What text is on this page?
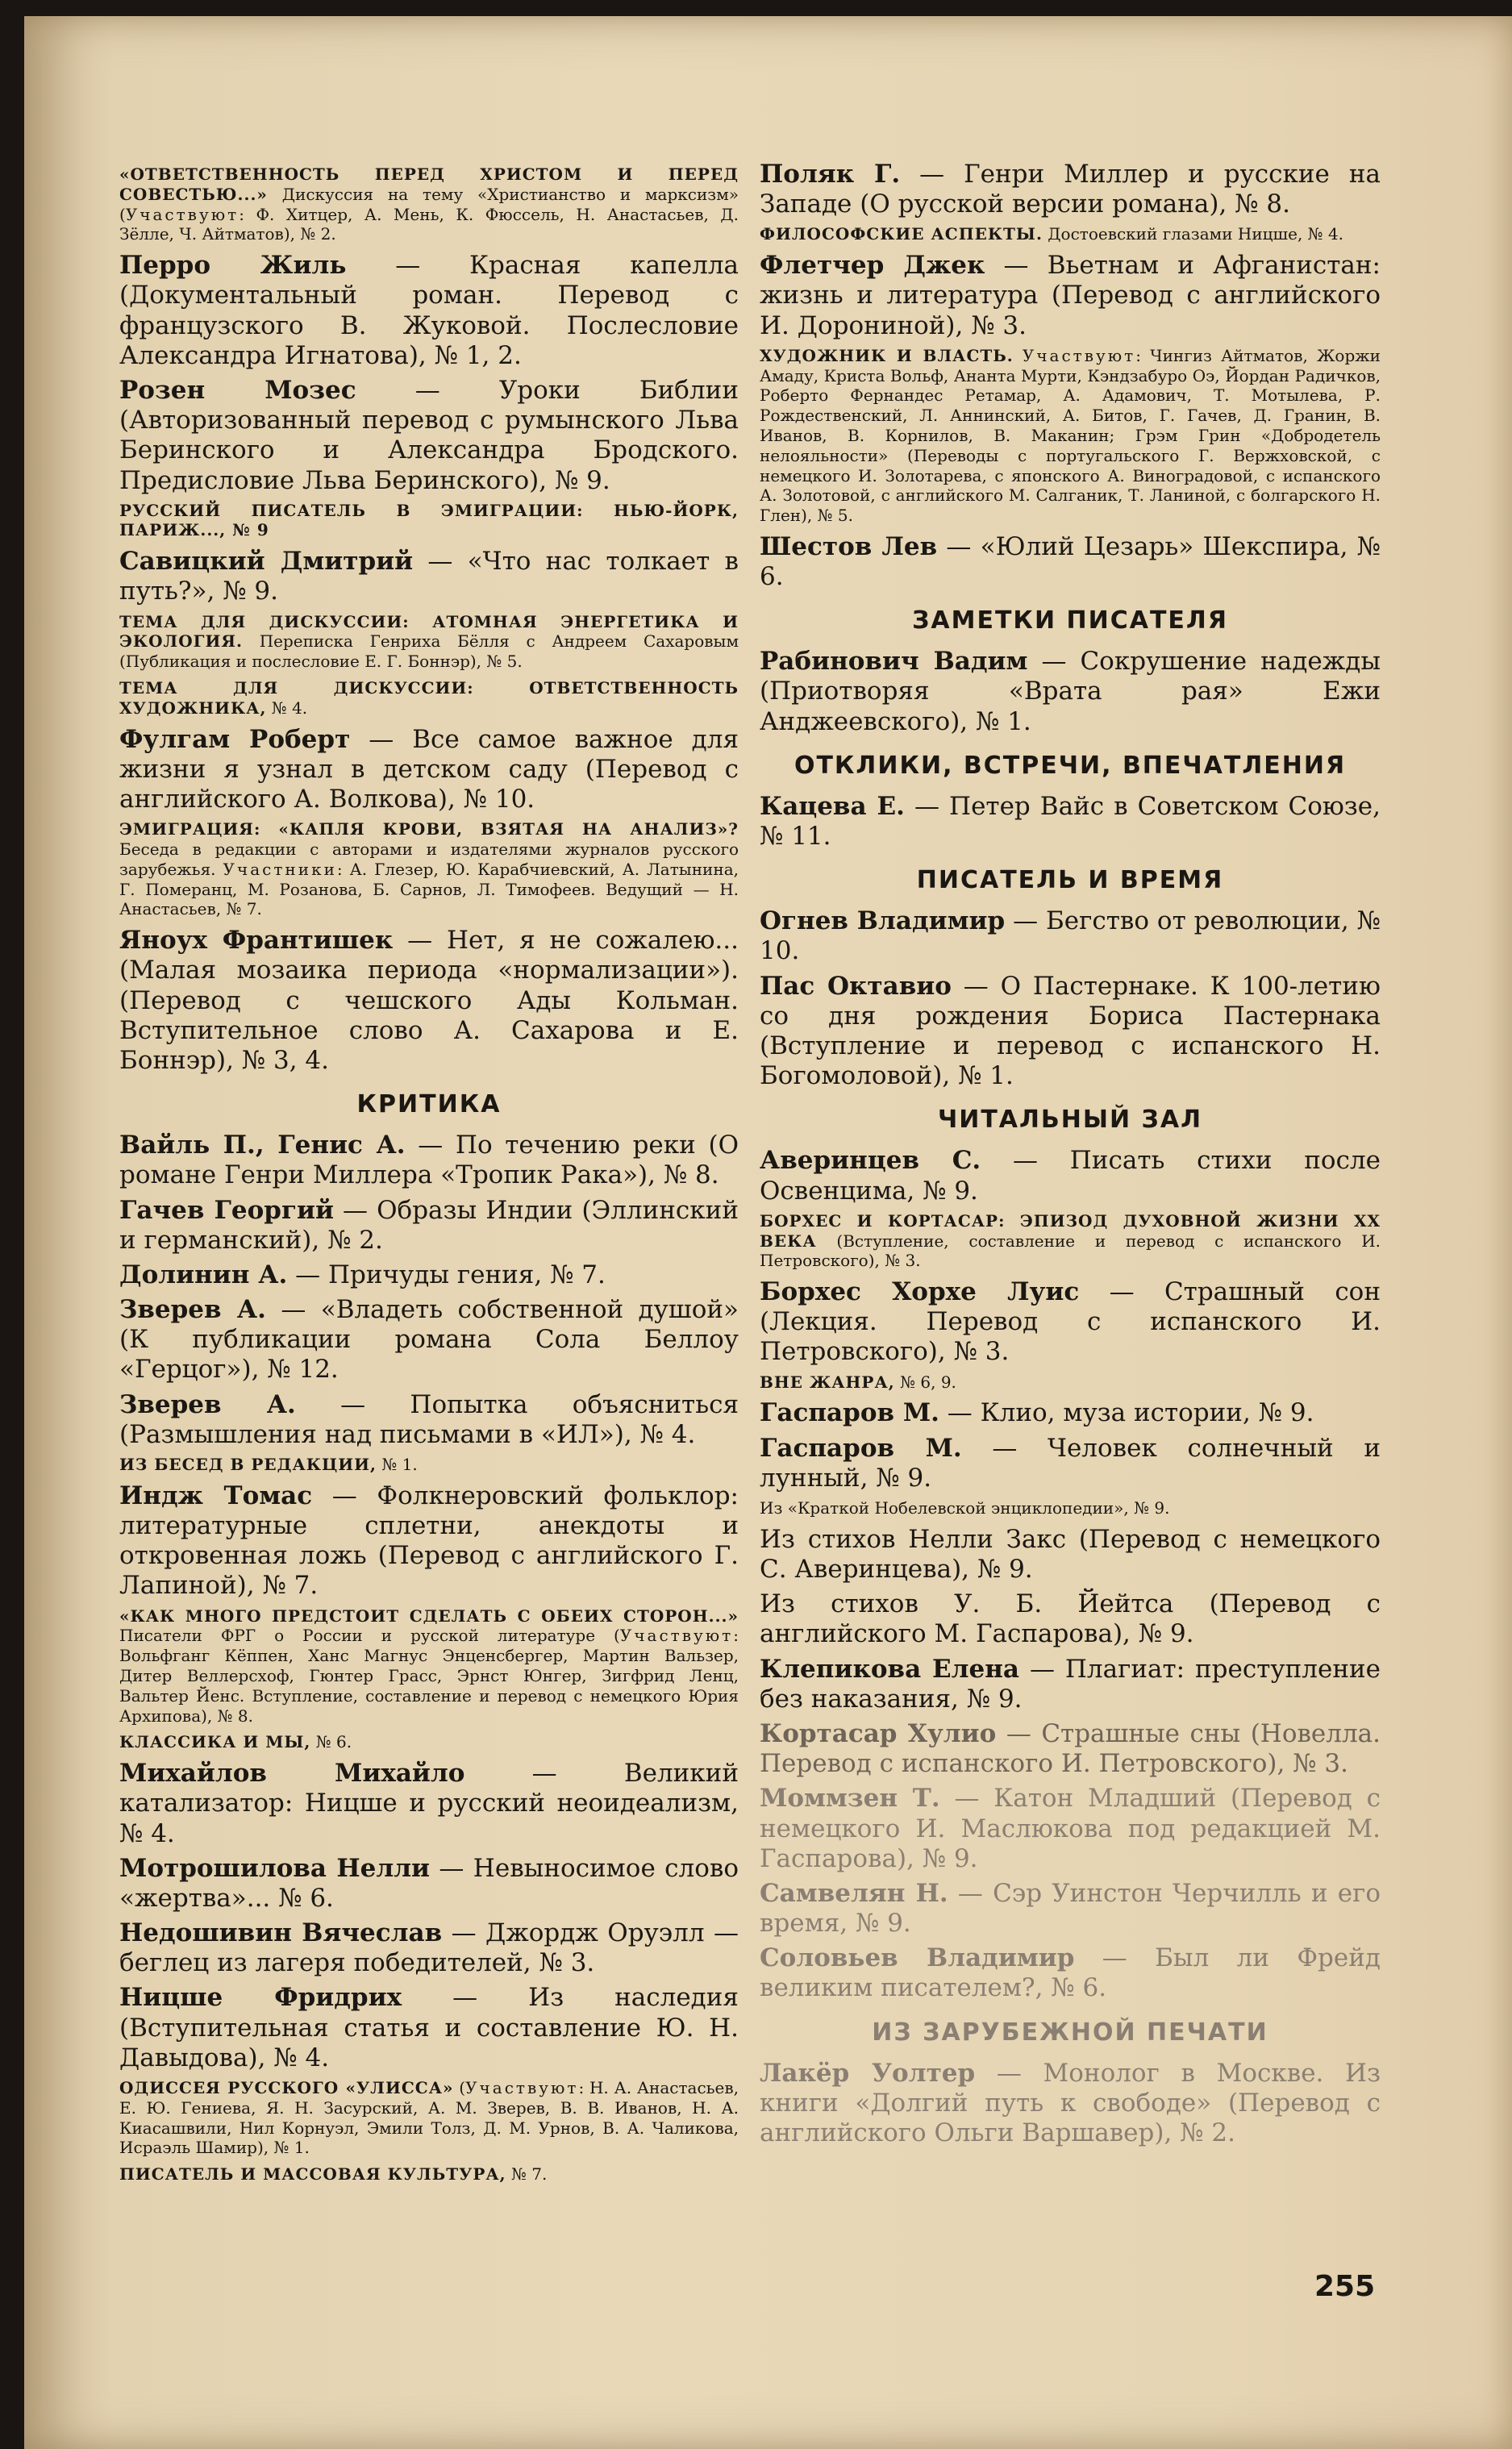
«ОТВЕТСТВЕННОСТЬ ПЕРЕД ХРИСТОМ И ПЕРЕД СОВЕСТЬЮ...» Дискуссия на тему «Христианство и марксизм» (Участвуют: Ф. Хитцер, А. Мень, К. Фюссель, Н. Анастасьев, Д. Зёлле, Ч. Айтматов), № 2.

Перро Жиль — Красная капелла (Документальный роман. Перевод с французского В. Жуковой. Послесловие Александра Игнатова), № 1, 2.

Розен Мозес — Уроки Библии (Авторизованный перевод с румынского Льва Беринского и Александра Бродского. Предисловие Льва Беринского), № 9.

РУССКИЙ ПИСАТЕЛЬ В ЭМИГРАЦИИ: НЬЮ-ЙОРК, ПАРИЖ..., № 9

Савицкий Дмитрий — «Что нас толкает в путь?», № 9.

ТЕМА ДЛЯ ДИСКУССИИ: АТОМНАЯ ЭНЕРГЕТИКА И ЭКОЛОГИЯ. Переписка Генриха Бёлля с Андреем Сахаровым (Публикация и послесловие Е. Г. Боннэр), № 5.

ТЕМА ДЛЯ ДИСКУССИИ: ОТВЕТСТВЕННОСТЬ ХУДОЖНИКА, № 4.

Фулгам Роберт — Все самое важное для жизни я узнал в детском саду (Перевод с английского А. Волкова), № 10.

ЭМИГРАЦИЯ: «КАПЛЯ КРОВИ, ВЗЯТАЯ НА АНАЛИЗ»? Беседа в редакции с авторами и издателями журналов русского зарубежья. Участники: А. Глезер, Ю. Карабчиевский, А. Латынина, Г. Померанц, М. Розанова, Б. Сарнов, Л. Тимофеев. Ведущий — Н. Анастасьев, № 7.

Яноух Франтишек — Нет, я не сожалею... (Малая мозаика периода «нормализации»). (Перевод с чешского Ады Кольман. Вступительное слово А. Сахарова и Е. Боннэр), № 3, 4.

КРИТИКА

Вайль П., Генис А. — По течению реки (О романе Генри Миллера «Тропик Рака»), № 8.

Гачев Георгий — Образы Индии (Эллинский и германский), № 2.

Долинин А. — Причуды гения, № 7.

Зверев А. — «Владеть собственной душой» (К публикации романа Сола Беллоу «Герцог»), № 12.

Зверев А. — Попытка объясниться (Размышления над письмами в «ИЛ»), № 4.

ИЗ БЕСЕД В РЕДАКЦИИ, № 1.

Индж Томас — Фолкнеровский фольклор: литературные сплетни, анекдоты и откровенная ложь (Перевод с английского Г. Лапиной), № 7.

«КАК МНОГО ПРЕДСТОИТ СДЕЛАТЬ С ОБЕИХ СТОРОН...» Писатели ФРГ о России и русской литературе (Участвуют: Вольфганг Кёппен, Ханс Магнус Энценсбергер, Мартин Вальзер, Дитер Веллерсхоф, Гюнтер Грасс, Эрнст Юнгер, Зигфрид Ленц, Вальтер Йенс. Вступление, составление и перевод с немецкого Юрия Архипова), № 8.

КЛАССИКА И МЫ, № 6.

Михайлов Михайло — Великий катализатор: Ницше и русский неоидеализм, № 4.

Мотрошилова Нелли — Невыносимое слово «жертва»... № 6.

Недошивин Вячеслав — Джордж Оруэлл — беглец из лагеря победителей, № 3.

Ницше Фридрих — Из наследия (Вступительная статья и составление Ю. Н. Давыдова), № 4.

ОДИССЕЯ РУССКОГО «УЛИССА» (Участвуют: Н. А. Анастасьев, Е. Ю. Гениева, Я. Н. Засурский, А. М. Зверев, В. В. Иванов, Н. А. Киасашвили, Нил Корнуэл, Эмили Толз, Д. М. Урнов, В. А. Чаликова, Исраэль Шамир), № 1.

ПИСАТЕЛЬ И МАССОВАЯ КУЛЬТУРА, № 7.

Поляк Г. — Генри Миллер и русские на Западе (О русской версии романа), № 8.

ФИЛОСОФСКИЕ АСПЕКТЫ. Достоевский глазами Ницше, № 4.

Флетчер Джек — Вьетнам и Афганистан: жизнь и литература (Перевод с английского И. Дорониной), № 3.

ХУДОЖНИК И ВЛАСТЬ. Участвуют: Чингиз Айтматов, Жоржи Амаду, Криста Вольф, Ананта Мурти, Кэндзабуро Оэ, Йордан Радичков, Роберто Фернандес Ретамар, А. Адамович, Т. Мотылева, Р. Рождественский, Л. Аннинский, А. Битов, Г. Гачев, Д. Гранин, В. Иванов, В. Корнилов, В. Маканин; Грэм Грин «Добродетель нелояльности» (Переводы с португальского Г. Вержховской, с немецкого И. Золотарева, с японского А. Виноградовой, с испанского А. Золотовой, с английского М. Салганик, Т. Ланиной, с болгарского Н. Глен), № 5.

Шестов Лев — «Юлий Цезарь» Шекспира, № 6.

ЗАМЕТКИ ПИСАТЕЛЯ

Рабинович Вадим — Сокрушение надежды (Приотворяя «Врата рая» Ежи Анджеевского), № 1.

ОТКЛИКИ, ВСТРЕЧИ, ВПЕЧАТЛЕНИЯ

Кацева Е. — Петер Вайс в Советском Союзе, № 11.

ПИСАТЕЛЬ И ВРЕМЯ

Огнев Владимир — Бегство от революции, № 10.

Пас Октавио — О Пастернаке. К 100-летию со дня рождения Бориса Пастернака (Вступление и перевод с испанского Н. Богомоловой), № 1.

ЧИТАЛЬНЫЙ ЗАЛ

Аверинцев С. — Писать стихи после Освенцима, № 9.

БОРХЕС И КОРТАСАР: ЭПИЗОД ДУХОВНОЙ ЖИЗНИ XX ВЕКА (Вступление, составление и перевод с испанского И. Петровского), № 3.

Борхес Хорхе Луис — Страшный сон (Лекция. Перевод с испанского И. Петровского), № 3.

ВНЕ ЖАНРА, № 6, 9.

Гаспаров М. — Клио, муза истории, № 9.

Гаспаров М. — Человек солнечный и лунный, № 9.

Из «Краткой Нобелевской энциклопедии», № 9.

Из стихов Нелли Закс (Перевод с немецкого С. Аверинцева), № 9.

Из стихов У. Б. Йейтса (Перевод с английского М. Гаспарова), № 9.

Клепикова Елена — Плагиат: преступление без наказания, № 9.

Кортасар Хулио — Страшные сны (Новелла. Перевод с испанского И. Петровского), № 3.

Моммзен Т. — Катон Младший (Перевод с немецкого И. Маслюкова под редакцией М. Гаспарова), № 9.

Самвелян Н. — Сэр Уинстон Черчилль и его время, № 9.

Соловьев Владимир — Был ли Фрейд великим писателем?, № 6.

ИЗ ЗАРУБЕЖНОЙ ПЕЧАТИ

Лакёр Уолтер — Монолог в Москве. Из книги «Долгий путь к свободе» (Перевод с английского Ольги Варшавер), № 2.

255
